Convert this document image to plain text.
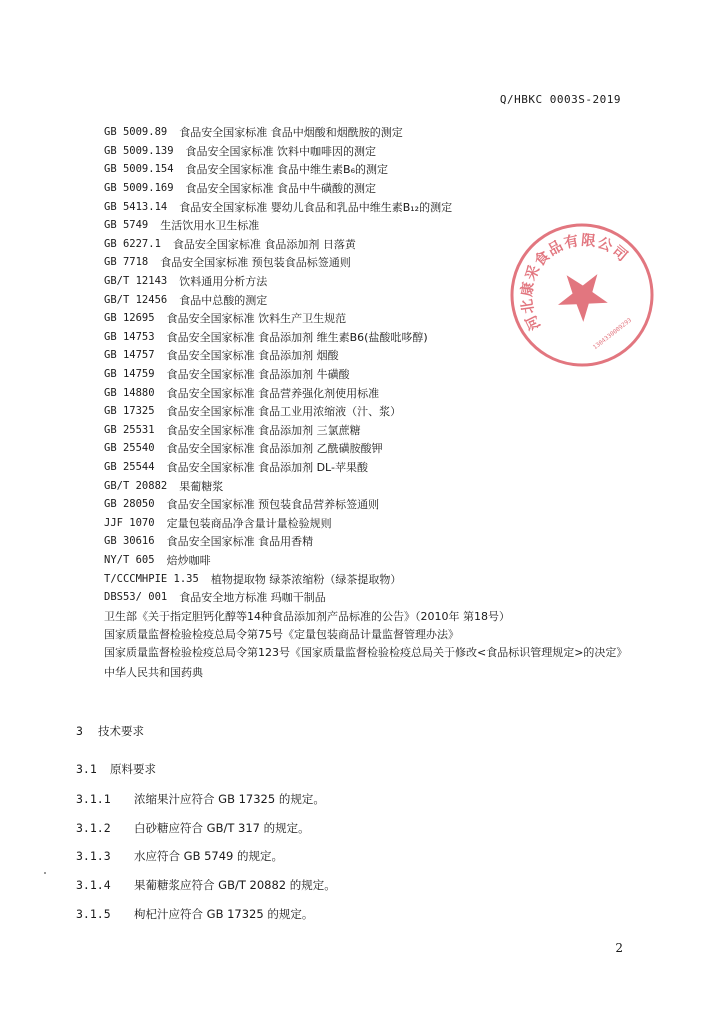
Q/HBKC 0003S-2019
GB 5009.89 食品安全国家标准 食品中烟酸和烟酰胺的测定
GB 5009.139 食品安全国家标准 饮料中咖啡因的测定
GB 5009.154 食品安全国家标准 食品中维生素B₆的测定
GB 5009.169 食品安全国家标准 食品中牛磺酸的测定
GB 5413.14 食品安全国家标准 婴幼儿食品和乳品中维生素B₁₂的测定
GB 5749 生活饮用水卫生标准
GB 6227.1 食品安全国家标准 食品添加剂 日落黄
GB 7718 食品安全国家标准 预包装食品标签通则
GB/T 12143 饮料通用分析方法
GB/T 12456 食品中总酸的测定
GB 12695 食品安全国家标准 饮料生产卫生规范
GB 14753 食品安全国家标准 食品添加剂 维生素B6(盐酸吡哆醇)
GB 14757 食品安全国家标准 食品添加剂 烟酸
GB 14759 食品安全国家标准 食品添加剂 牛磺酸
GB 14880 食品安全国家标准 食品营养强化剂使用标准
GB 17325 食品安全国家标准 食品工业用浓缩液（汁、浆）
GB 25531 食品安全国家标准 食品添加剂 三氯蔗糖
GB 25540 食品安全国家标准 食品添加剂 乙酰磺胺酸钾
GB 25544 食品安全国家标准 食品添加剂 DL-苹果酸
GB/T 20882 果葡糖浆
GB 28050 食品安全国家标准 预包装食品营养标签通则
JJF 1070 定量包装商品净含量计量检验规则
GB 30616 食品安全国家标准 食品用香精
NY/T 605 焙炒咖啡
T/CCCMHPIE 1.35 植物提取物 绿茶浓缩粉（绿茶提取物）
DBS53/ 001 食品安全地方标准 玛咖干制品
卫生部《关于指定胆钙化醇等14种食品添加剂产品标准的公告》（2010年 第18号）
国家质量监督检验检疫总局令第75号《定量包装商品计量监督管理办法》
国家质量监督检验检疫总局令第123号《国家质量监督检验检疫总局关于修改<食品标识管理规定>的决定》
中华人民共和国药典
3 技术要求
3.1 原料要求
3.1.1 浓缩果汁应符合 GB 17325 的规定。
3.1.2 白砂糖应符合 GB/T 317 的规定。
3.1.3 水应符合 GB 5749 的规定。
3.1.4 果葡糖浆应符合 GB/T 20882 的规定。
3.1.5 枸杞汁应符合 GB 17325 的规定。
河北康采食品有限公司
1304330009293
2
